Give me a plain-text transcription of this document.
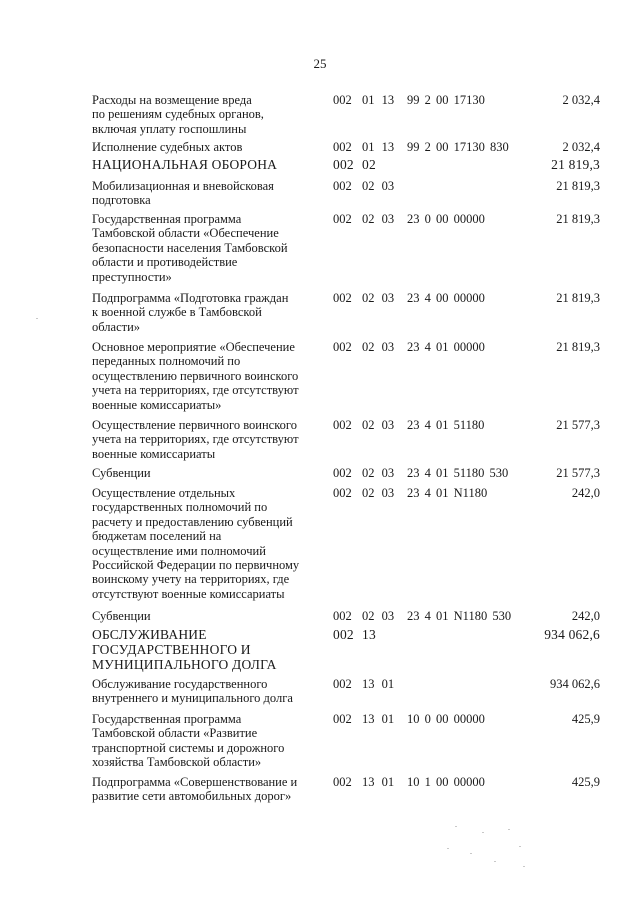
25
Расходы на возмещение вреда
по решениям судебных органов,
включая уплату госпошлины
002 01 13 99 2 00 17130	2 032,4
Исполнение судебных актов	002 01 13 99 2 00 17130 830	2 032,4
НАЦИОНАЛЬНАЯ ОБОРОНА	002 02	21 819,3
Мобилизационная и вневойсковая
подготовка
002 02 03	21 819,3
Государственная программа
Тамбовской области «Обеспечение
безопасности населения Тамбовской
области и противодействие
преступности»
002 02 03 23 0 00 00000	21 819,3
Подпрограмма «Подготовка граждан
к военной службе в Тамбовской
области»
002 02 03 23 4 00 00000	21 819,3
Основное мероприятие «Обеспечение
переданных полномочий по
осуществлению первичного воинского
учета на территориях, где отсутствуют
военные комиссариаты»
002 02 03 23 4 01 00000	21 819,3
Осуществление первичного воинского
учета на территориях, где отсутствуют
военные комиссариаты
002 02 03 23 4 01 51180	21 577,3
Субвенции	002 02 03 23 4 01 51180 530	21 577,3
Осуществление отдельных
государственных полномочий по
расчету и предоставлению субвенций
бюджетам поселений на
осуществление ими полномочий
Российской Федерации по первичному
воинскому учету на территориях, где
отсутствуют военные комиссариаты
002 02 03 23 4 01 N1180	242,0
Субвенции	002 02 03 23 4 01 N1180 530	242,0
ОБСЛУЖИВАНИЕ
ГОСУДАРСТВЕННОГО И
МУНИЦИПАЛЬНОГО ДОЛГА
002 13	934 062,6
Обслуживание государственного
внутреннего и муниципального долга
002 13 01	934 062,6
Государственная программа
Тамбовской области «Развитие
транспортной системы и дорожного
хозяйства Тамбовской области»
002 13 01 10 0 00 00000	425,9
Подпрограмма «Совершенствование и
развитие сети автомобильных дорог»
002 13 01 10 1 00 00000	425,9
